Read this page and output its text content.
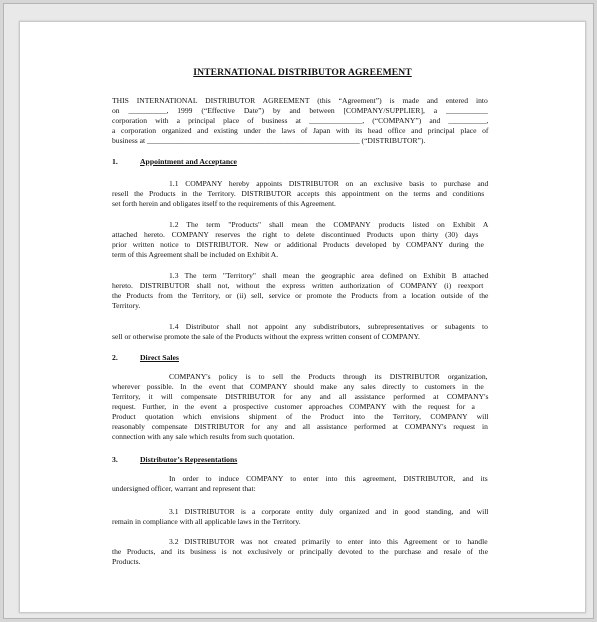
INTERNATIONAL DISTRIBUTOR AGREEMENT
THIS INTERNATIONAL DISTRIBUTOR AGREEMENT (this “Agreement”) is made and entered into
on __________, 1999 (“Effective Date”) by and between [COMPANY/SUPPLIER], a ___________
corporation with a principal place of business at ______________, (“COMPANY”) and __________,
a corporation organized and existing under the laws of Japan with its head office and principal place of
business at ________________________________________________________ (“DISTRIBUTOR”).
1.	Appointment and Acceptance
1.1 COMPANY hereby appoints DISTRIBUTOR on an exclusive basis to purchase and
resell the Products in the Territory. DISTRIBUTOR accepts this appointment on the terms and conditions
set forth herein and obligates itself to the requirements of this Agreement.
1.2 The term "Products" shall mean the COMPANY products listed on Exhibit A
attached hereto. COMPANY reserves the right to delete discontinued Products upon thirty (30) days
prior written notice to DISTRIBUTOR. New or additional Products developed by COMPANY during the
term of this Agreement shall be included on Exhibit A.
1.3 The term "Territory" shall mean the geographic area defined on Exhibit B attached
hereto. DISTRIBUTOR shall not, without the express written authorization of COMPANY (i) reexport
the Products from the Territory, or (ii) sell, service or promote the Products from a location outside of the
Territory.
1.4 Distributor shall not appoint any subdistributors, subrepresentatives or subagents to
sell or otherwise promote the sale of the Products without the express written consent of COMPANY.
2.	Direct Sales
COMPANY's policy is to sell the Products through its DISTRIBUTOR organization,
wherever possible. In the event that COMPANY should make any sales directly to customers in the
Territory, it will compensate DISTRIBUTOR for any and all assistance performed at COMPANY's
request. Further, in the event a prospective customer approaches COMPANY with the request for a
Product quotation which envisions shipment of the Product into the Territory, COMPANY will
reasonably compensate DISTRIBUTOR for any and all assistance performed at COMPANY's request in
connection with any sale which results from such quotation.
3.	Distributor’s Representations
In order to induce COMPANY to enter into this agreement, DISTRIBUTOR, and its
undersigned officer, warrant and represent that:
3.1 DISTRIBUTOR is a corporate entity duly organized and in good standing, and will
remain in compliance with all applicable laws in the Territory.
3.2 DISTRIBUTOR was not created primarily to enter into this Agreement or to handle
the Products, and its business is not exclusively or principally devoted to the purchase and resale of the
Products.
